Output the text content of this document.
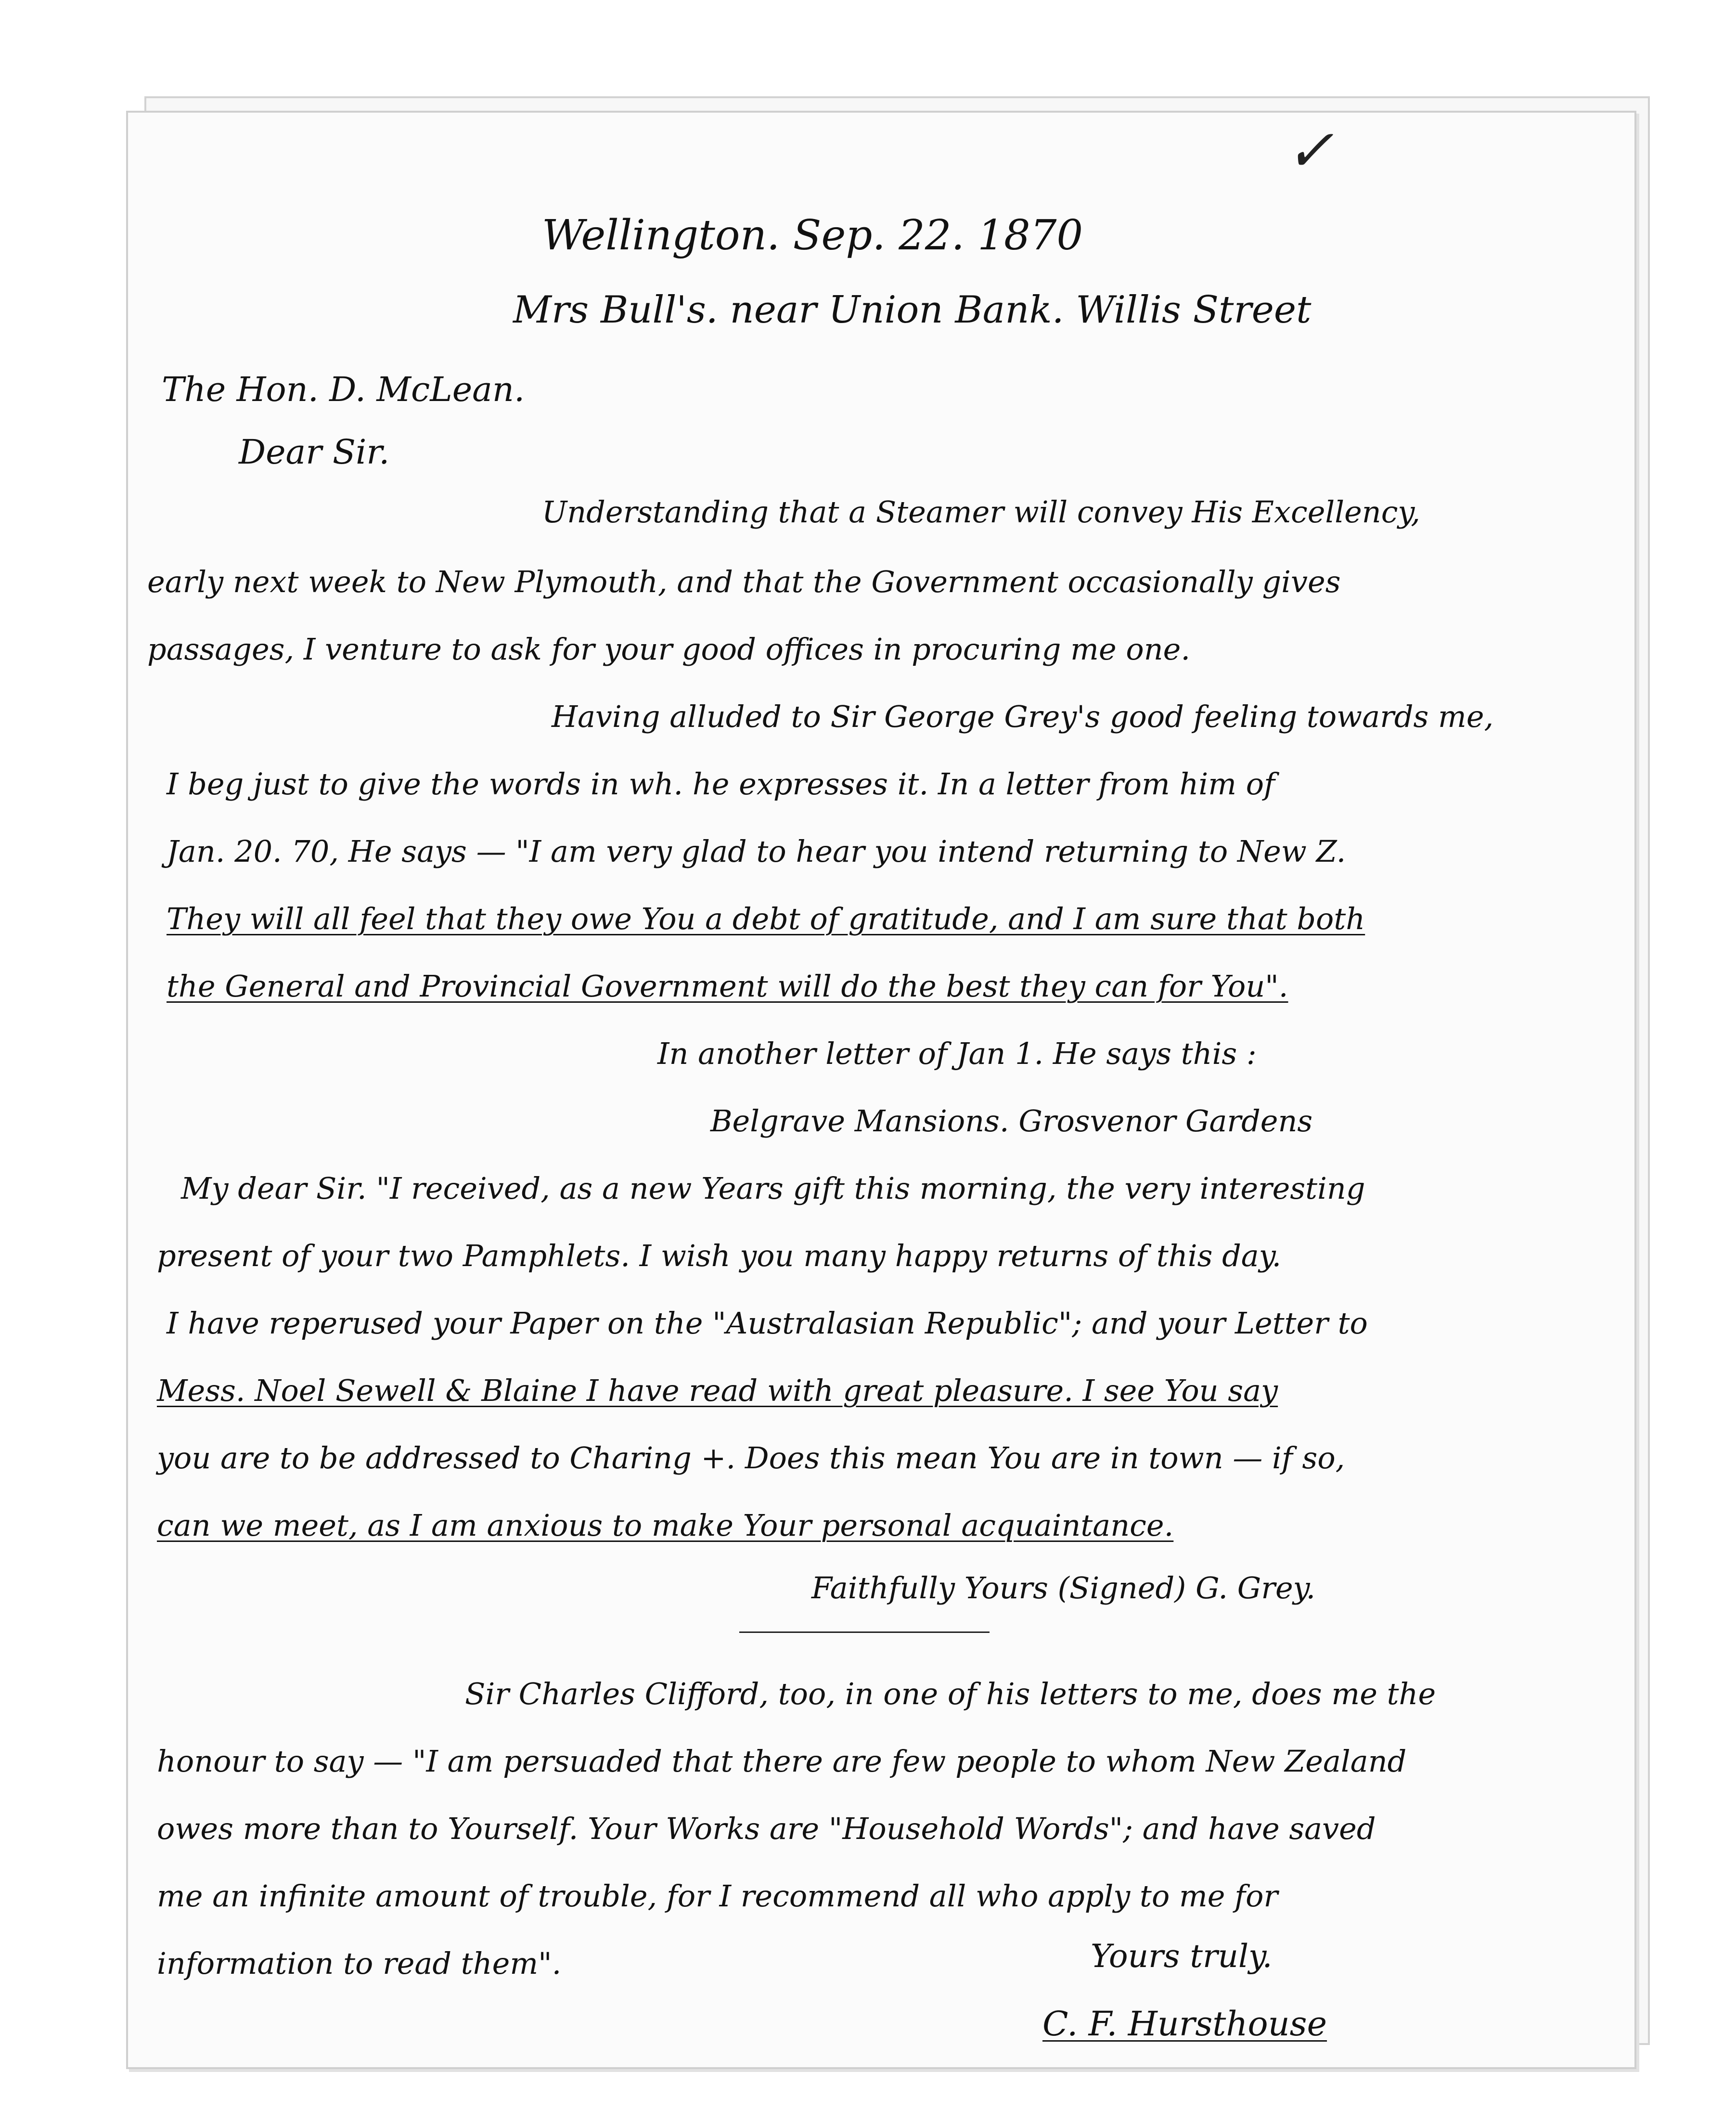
✓
Wellington. Sep. 22. 1870
Mrs Bull's. near Union Bank. Willis Street
The Hon. D. McLean.
Dear Sir.
Understanding that a Steamer will convey His Excellency,
early next week to New Plymouth, and that the Government occasionally gives
passages, I venture to ask for your good offices in procuring me one.
Having alluded to Sir George Grey's good feeling towards me,
I beg just to give the words in wh. he expresses it. In a letter from him of
Jan. 20. 70, He says — "I am very glad to hear you intend returning to New Z.
They will all feel that they owe You a debt of gratitude, and I am sure that both
the General and Provincial Government will do the best they can for You".
In another letter of Jan 1. He says this :
Belgrave Mansions. Grosvenor Gardens
My dear Sir. "I received, as a new Years gift this morning, the very interesting
present of your two Pamphlets. I wish you many happy returns of this day.
I have reperused your Paper on the "Australasian Republic"; and your Letter to
Mess. Noel Sewell & Blaine I have read with great pleasure. I see You say
you are to be addressed to Charing +. Does this mean You are in town — if so,
can we meet, as I am anxious to make Your personal acquaintance.
Faithfully Yours (Signed) G. Grey.
Sir Charles Clifford, too, in one of his letters to me, does me the
honour to say — "I am persuaded that there are few people to whom New Zealand
owes more than to Yourself. Your Works are "Household Words"; and have saved
me an infinite amount of trouble, for I recommend all who apply to me for
information to read them".	Yours truly.
C. F. Hursthouse
